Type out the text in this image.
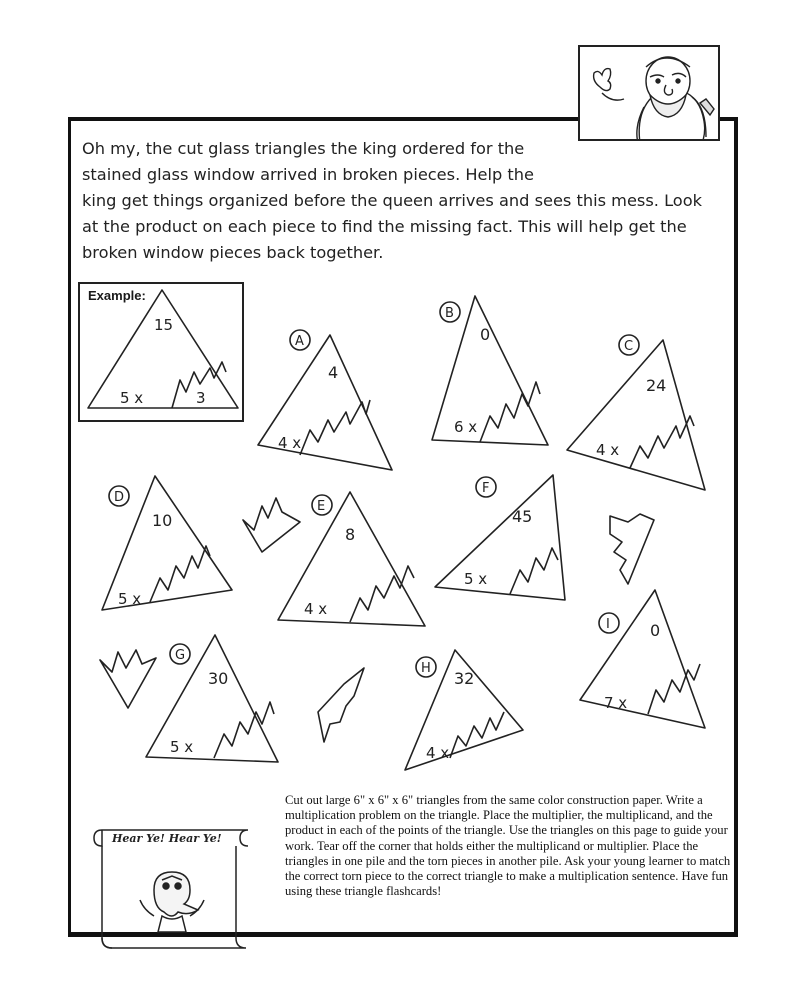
Oh my, the cut glass triangles the king ordered for the stained glass window arrived in broken pieces. Help the

king get things organized before the queen arrives and sees this mess. Look at the product on each piece to find the missing fact. This will help get the broken window pieces back together.

Example:
15
5 x	3
A
B
C
D
E
F
G
H
I
4
0
24
10
8
45
30	32
0
4 x
6 x
4 x
5 x
4 x
5 x
5 x	4 x
7 x
Cut out large 6" x 6" x 6" triangles from the same color construction paper. Write a multiplication problem on the triangle. Place the multiplier, the multiplicand, and the product in each of the points of the triangle. Use the triangles on this page to guide your work. Tear off the corner that holds either the multiplicand or multiplier. Place the triangles in one pile and the torn pieces in another pile. Ask your young learner to match the correct torn piece to the correct triangle to make a multiplication sentence. Have fun using these triangle flashcards!
Hear Ye! Hear Ye!
